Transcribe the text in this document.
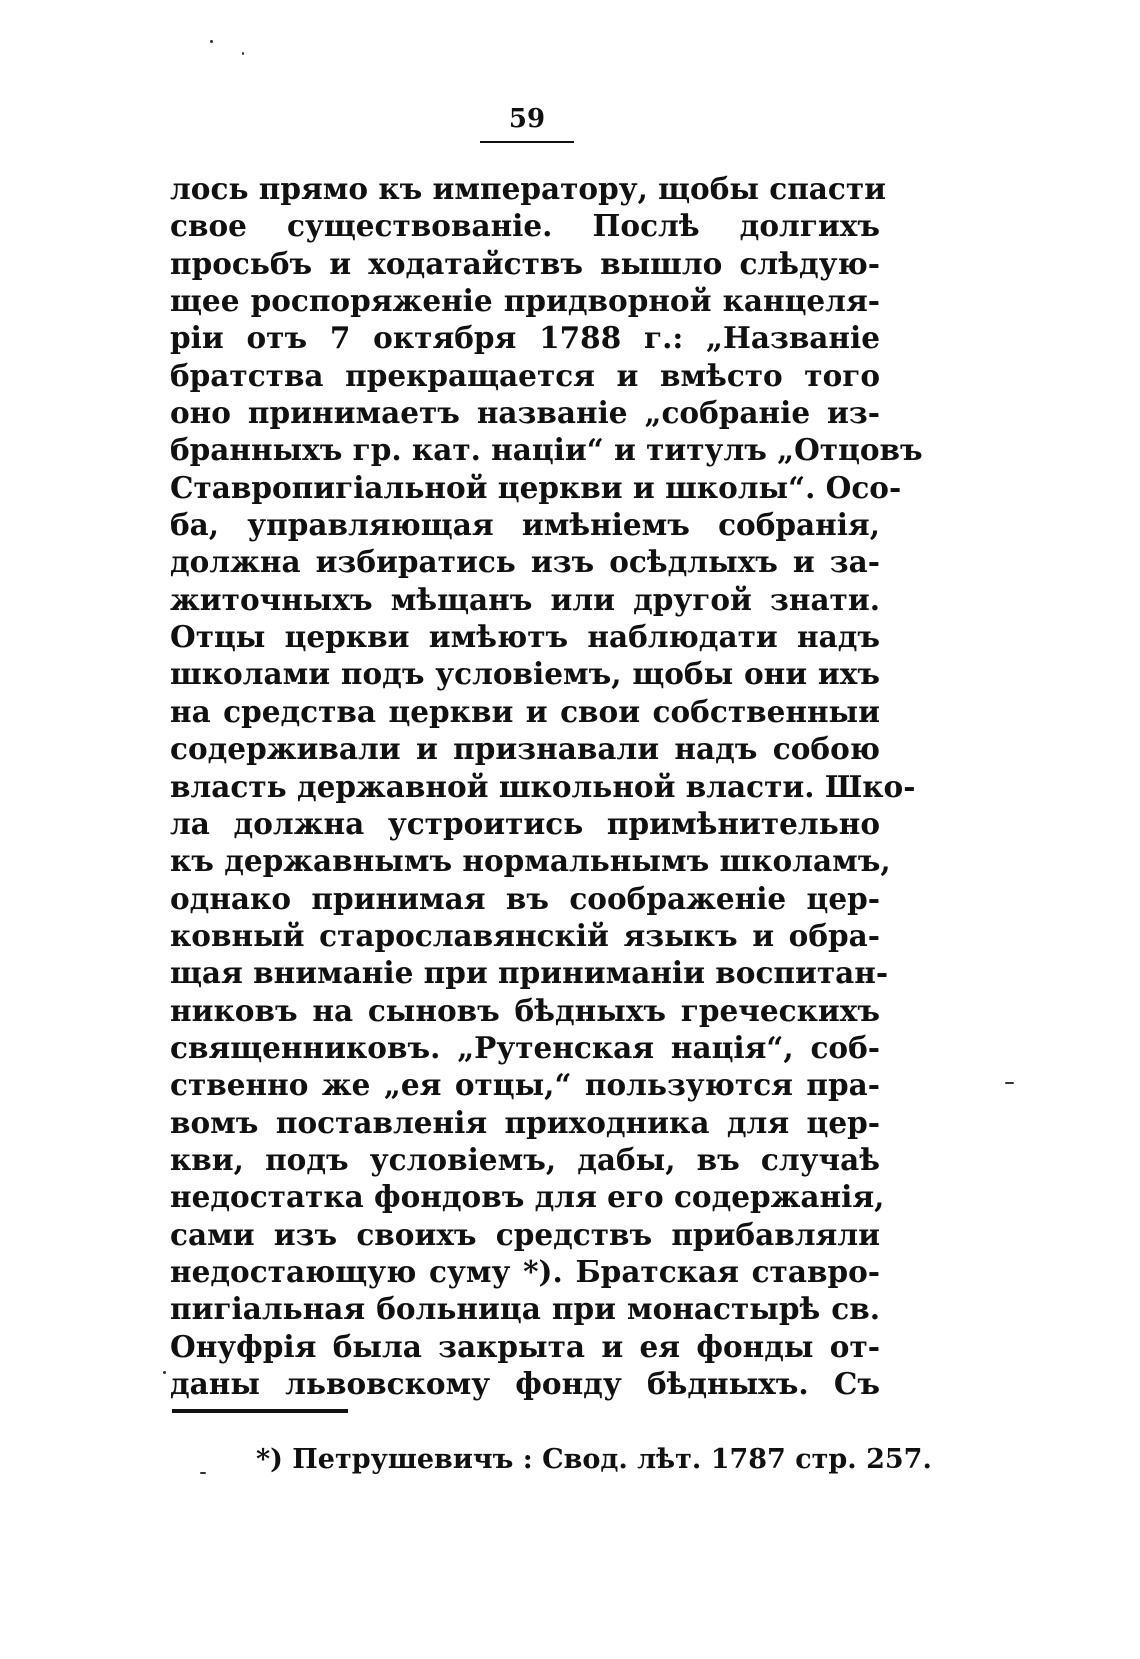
59
лось прямо къ императору, щобы спасти
свое существованіе. Послѣ долгихъ
просьбъ и ходатайствъ вышло слѣдую-
щее роспоряженіе придворной канцеля-
ріи отъ 7 октября 1788 г.: „Названіе
братства прекращается и вмѣсто того
оно принимаетъ названіе „собраніе из-
бранныхъ гр. кат. націи“ и титулъ „Отцовъ
Ставропигіальной церкви и школы“. Осо-
ба, управляющая имѣніемъ собранія,
должна избиратись изъ осѣдлыхъ и за-
житочныхъ мѣщанъ или другой знати.
Отцы церкви имѣютъ наблюдати надъ
школами подъ условіемъ, щобы они ихъ
на средства церкви и свои собственныи
содерживали и признавали надъ собою
власть державной школьной власти. Шко-
ла должна устроитись примѣнительно
къ державнымъ нормальнымъ школамъ,
однако принимая въ соображеніе цер-
ковный старославянскій языкъ и обра-
щая вниманіе при приниманіи воспитан-
никовъ на сыновъ бѣдныхъ греческихъ
священниковъ. „Рутенская нація“, соб-
ственно же „ея отцы,“ пользуются пра-
вомъ поставленія приходника для цер-
кви, подъ условіемъ, дабы, въ случаѣ
недостатка фондовъ для его содержанія,
сами изъ своихъ средствъ прибавляли
недостающую суму *). Братская ставро-
пигіальная больница при монастырѣ св.
Онуфрія была закрыта и ея фонды от-
даны львовскому фонду бѣдныхъ. Съ
*) Петрушевичъ : Свод. лѣт. 1787 стр. 257.
